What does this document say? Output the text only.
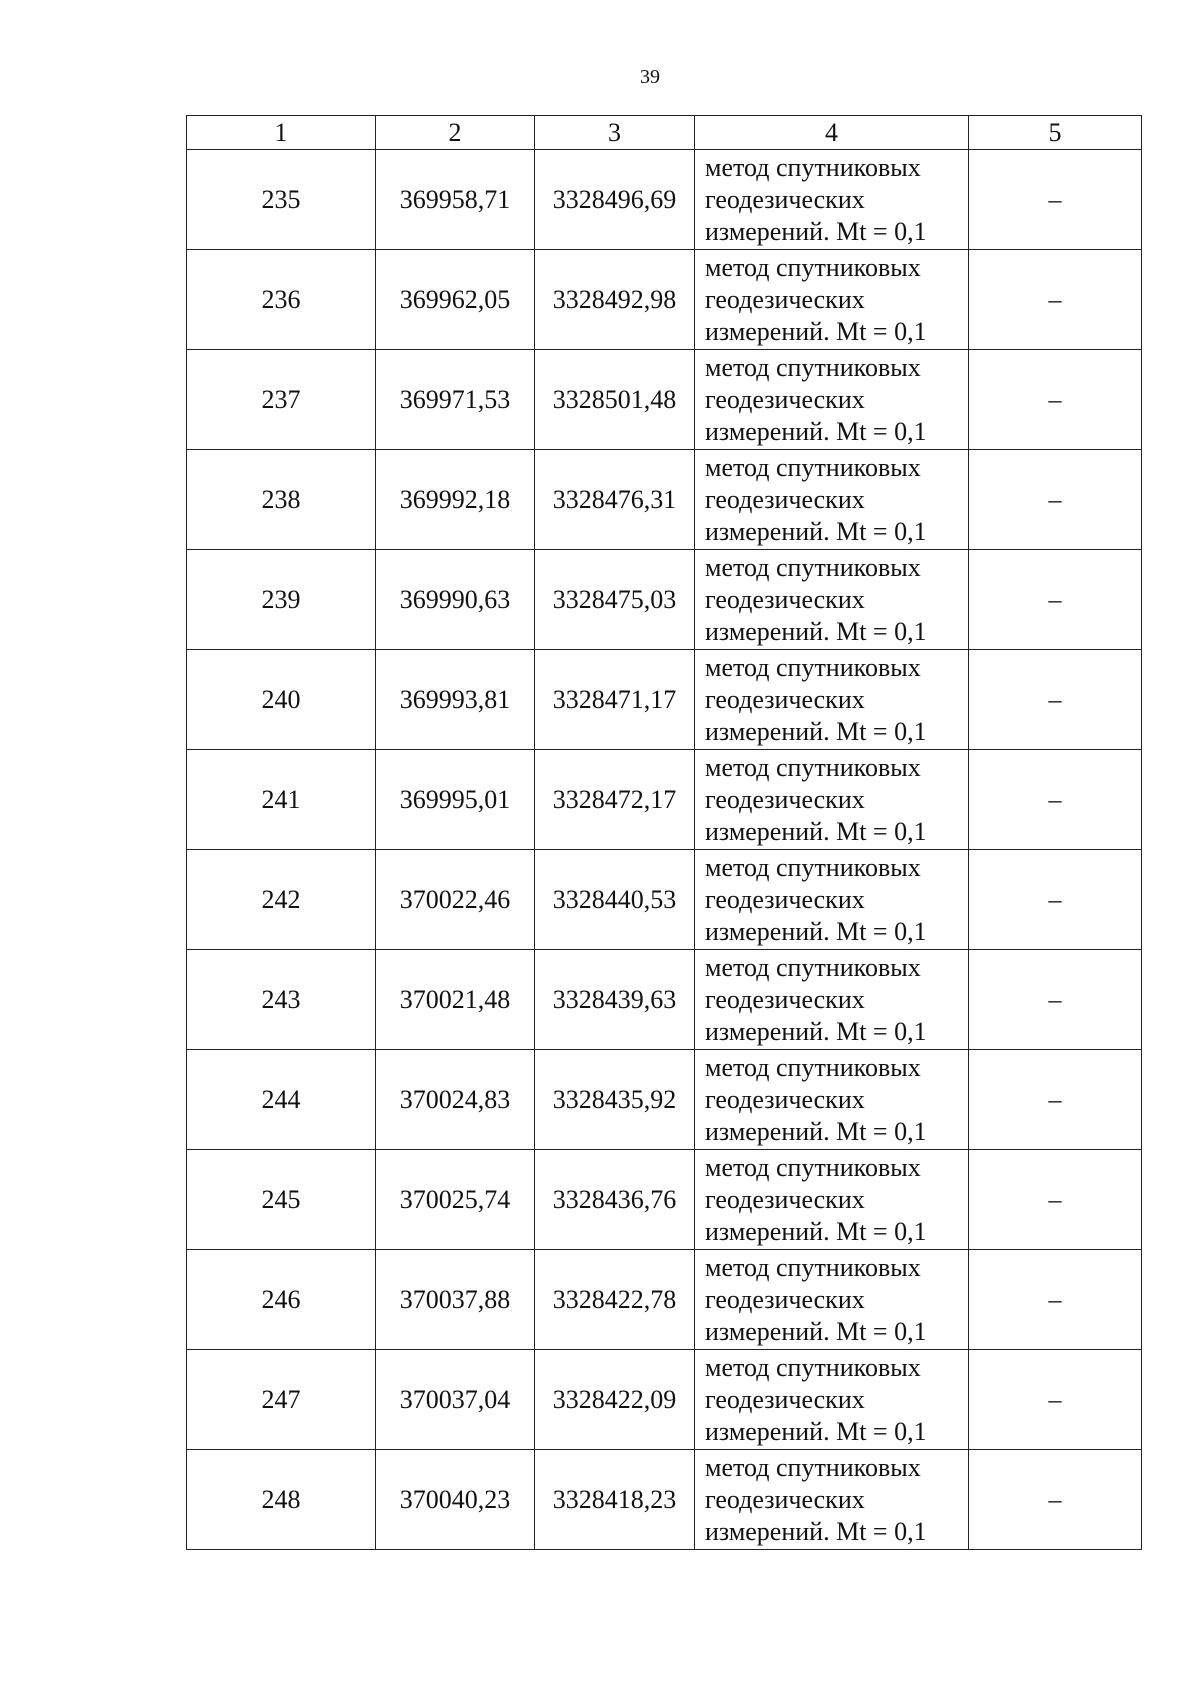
39
1	2	3	4	5
235	369958,71	3328496,69	метод спутниковых
геодезических
измерений. Mt = 0,1	–
236	369962,05	3328492,98	метод спутниковых
геодезических
измерений. Mt = 0,1	–
237	369971,53	3328501,48	метод спутниковых
геодезических
измерений. Mt = 0,1	–
238	369992,18	3328476,31	метод спутниковых
геодезических
измерений. Mt = 0,1	–
239	369990,63	3328475,03	метод спутниковых
геодезических
измерений. Mt = 0,1	–
240	369993,81	3328471,17	метод спутниковых
геодезических
измерений. Mt = 0,1	–
241	369995,01	3328472,17	метод спутниковых
геодезических
измерений. Mt = 0,1	–
242	370022,46	3328440,53	метод спутниковых
геодезических
измерений. Mt = 0,1	–
243	370021,48	3328439,63	метод спутниковых
геодезических
измерений. Mt = 0,1	–
244	370024,83	3328435,92	метод спутниковых
геодезических
измерений. Mt = 0,1	–
245	370025,74	3328436,76	метод спутниковых
геодезических
измерений. Mt = 0,1	–
246	370037,88	3328422,78	метод спутниковых
геодезических
измерений. Mt = 0,1	–
247	370037,04	3328422,09	метод спутниковых
геодезических
измерений. Mt = 0,1	–
248	370040,23	3328418,23	метод спутниковых
геодезических
измерений. Mt = 0,1	–
